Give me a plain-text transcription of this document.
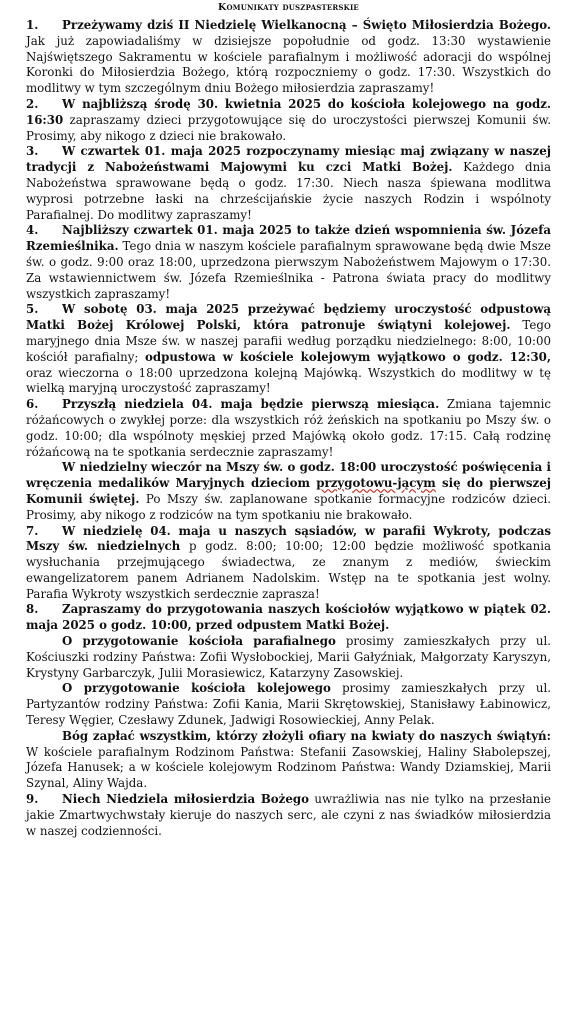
Komunikaty duszpasterskie

1. Przeżywamy dziś II Niedzielę Wielkanocną – Święto Miłosierdzia Bożego. Jak już zapowiadaliśmy w dzisiejsze popołudnie od godz. 13:30 wystawienie Najświętszego Sakramentu w kościele parafialnym i możliwość adoracji do wspólnej Koronki do Miłosierdzia Bożego, którą rozpoczniemy o godz. 17:30. Wszystkich do modlitwy w tym szczególnym dniu Bożego miłosierdzia zapraszamy!

2. W najbliższą środę 30. kwietnia 2025 do kościoła kolejowego na godz. 16:30 zapraszamy dzieci przygotowujące się do uroczystości pierwszej Komunii św. Prosimy, aby nikogo z dzieci nie brakowało.

3. W czwartek 01. maja 2025 rozpoczynamy miesiąc maj związany w naszej tradycji z Nabożeństwami Majowymi ku czci Matki Bożej. Każdego dnia Nabożeństwa sprawowane będą o godz. 17:30. Niech nasza śpiewana modlitwa wyprosi potrzebne łaski na chrześcijańskie życie naszych Rodzin i wspólnoty Parafialnej. Do modlitwy zapraszamy!

4. Najbliższy czwartek 01. maja 2025 to także dzień wspomnienia św. Józefa Rzemieślnika. Tego dnia w naszym kościele parafialnym sprawowane będą dwie Msze św. o godz. 9:00 oraz 18:00, uprzedzona pierwszym Nabożeństwem Majowym o 17:30. Za wstawiennictwem św. Józefa Rzemieślnika - Patrona świata pracy do modlitwy wszystkich zapraszamy!

5. W sobotę 03. maja 2025 przeżywać będziemy uroczystość odpustową Matki Bożej Królowej Polski, która patronuje świątyni kolejowej. Tego maryjnego dnia Msze św. w naszej parafii według porządku niedzielnego: 8:00, 10:00 kościół parafialny; odpustowa w kościele kolejowym wyjątkowo o godz. 12:30, oraz wieczorna o 18:00 uprzedzona kolejną Majówką. Wszystkich do modlitwy w tę wielką maryjną uroczystość zapraszamy!

6. Przyszłą niedziela 04. maja będzie pierwszą miesiąca. Zmiana tajemnic różańcowych o zwykłej porze: dla wszystkich róż żeńskich na spotkaniu po Mszy św. o godz. 10:00; dla wspólnoty męskiej przed Majówką około godz. 17:15. Całą rodzinę różańcową na te spotkania serdecznie zapraszamy!

W niedzielny wieczór na Mszy św. o godz. 18:00 uroczystość poświęcenia i wręczenia medalików Maryjnych dzieciom przygotowu-jącym się do pierwszej Komunii świętej. Po Mszy św. zaplanowane spotkanie formacyjne rodziców dzieci. Prosimy, aby nikogo z rodziców na tym spotkaniu nie brakowało.

7. W niedzielę 04. maja u naszych sąsiadów, w parafii Wykroty, podczas Mszy św. niedzielnych p godz. 8:00; 10:00; 12:00 będzie możliwość spotkania wysłuchania przejmującego świadectwa, ze znanym z mediów, świeckim ewangelizatorem panem Adrianem Nadolskim. Wstęp na te spotkania jest wolny. Parafia Wykroty wszystkich serdecznie zaprasza!

8. Zapraszamy do przygotowania naszych kościołów wyjątkowo w piątek 02. maja 2025 o godz. 10:00, przed odpustem Matki Bożej.

O przygotowanie kościoła parafialnego prosimy zamieszkałych przy ul. Kościuszki rodziny Państwa: Zofii Wysłobockiej, Marii Gałyźniak, Małgorzaty Karyszyn, Krystyny Garbarczyk, Julii Morasiewicz, Katarzyny Zasowskiej.

O przygotowanie kościoła kolejowego prosimy zamieszkałych przy ul. Partyzantów rodziny Państwa: Zofii Kania, Marii Skrętowskiej, Stanisławy Łabinowicz, Teresy Węgier, Czesławy Zdunek, Jadwigi Rosowieckiej, Anny Pelak.

Bóg zapłać wszystkim, którzy złożyli ofiary na kwiaty do naszych świątyń: W kościele parafialnym Rodzinom Państwa: Stefanii Zasowskiej, Haliny Słabolepszej, Józefa Hanusek; a w kościele kolejowym Rodzinom Państwa: Wandy Dziamskiej, Marii Szynal, Aliny Wajda.

9. Niech Niedziela miłosierdzia Bożego uwrażliwia nas nie tylko na przesłanie jakie Zmartwychwstały kieruje do naszych serc, ale czyni z nas świadków miłosierdzia w naszej codzienności.
